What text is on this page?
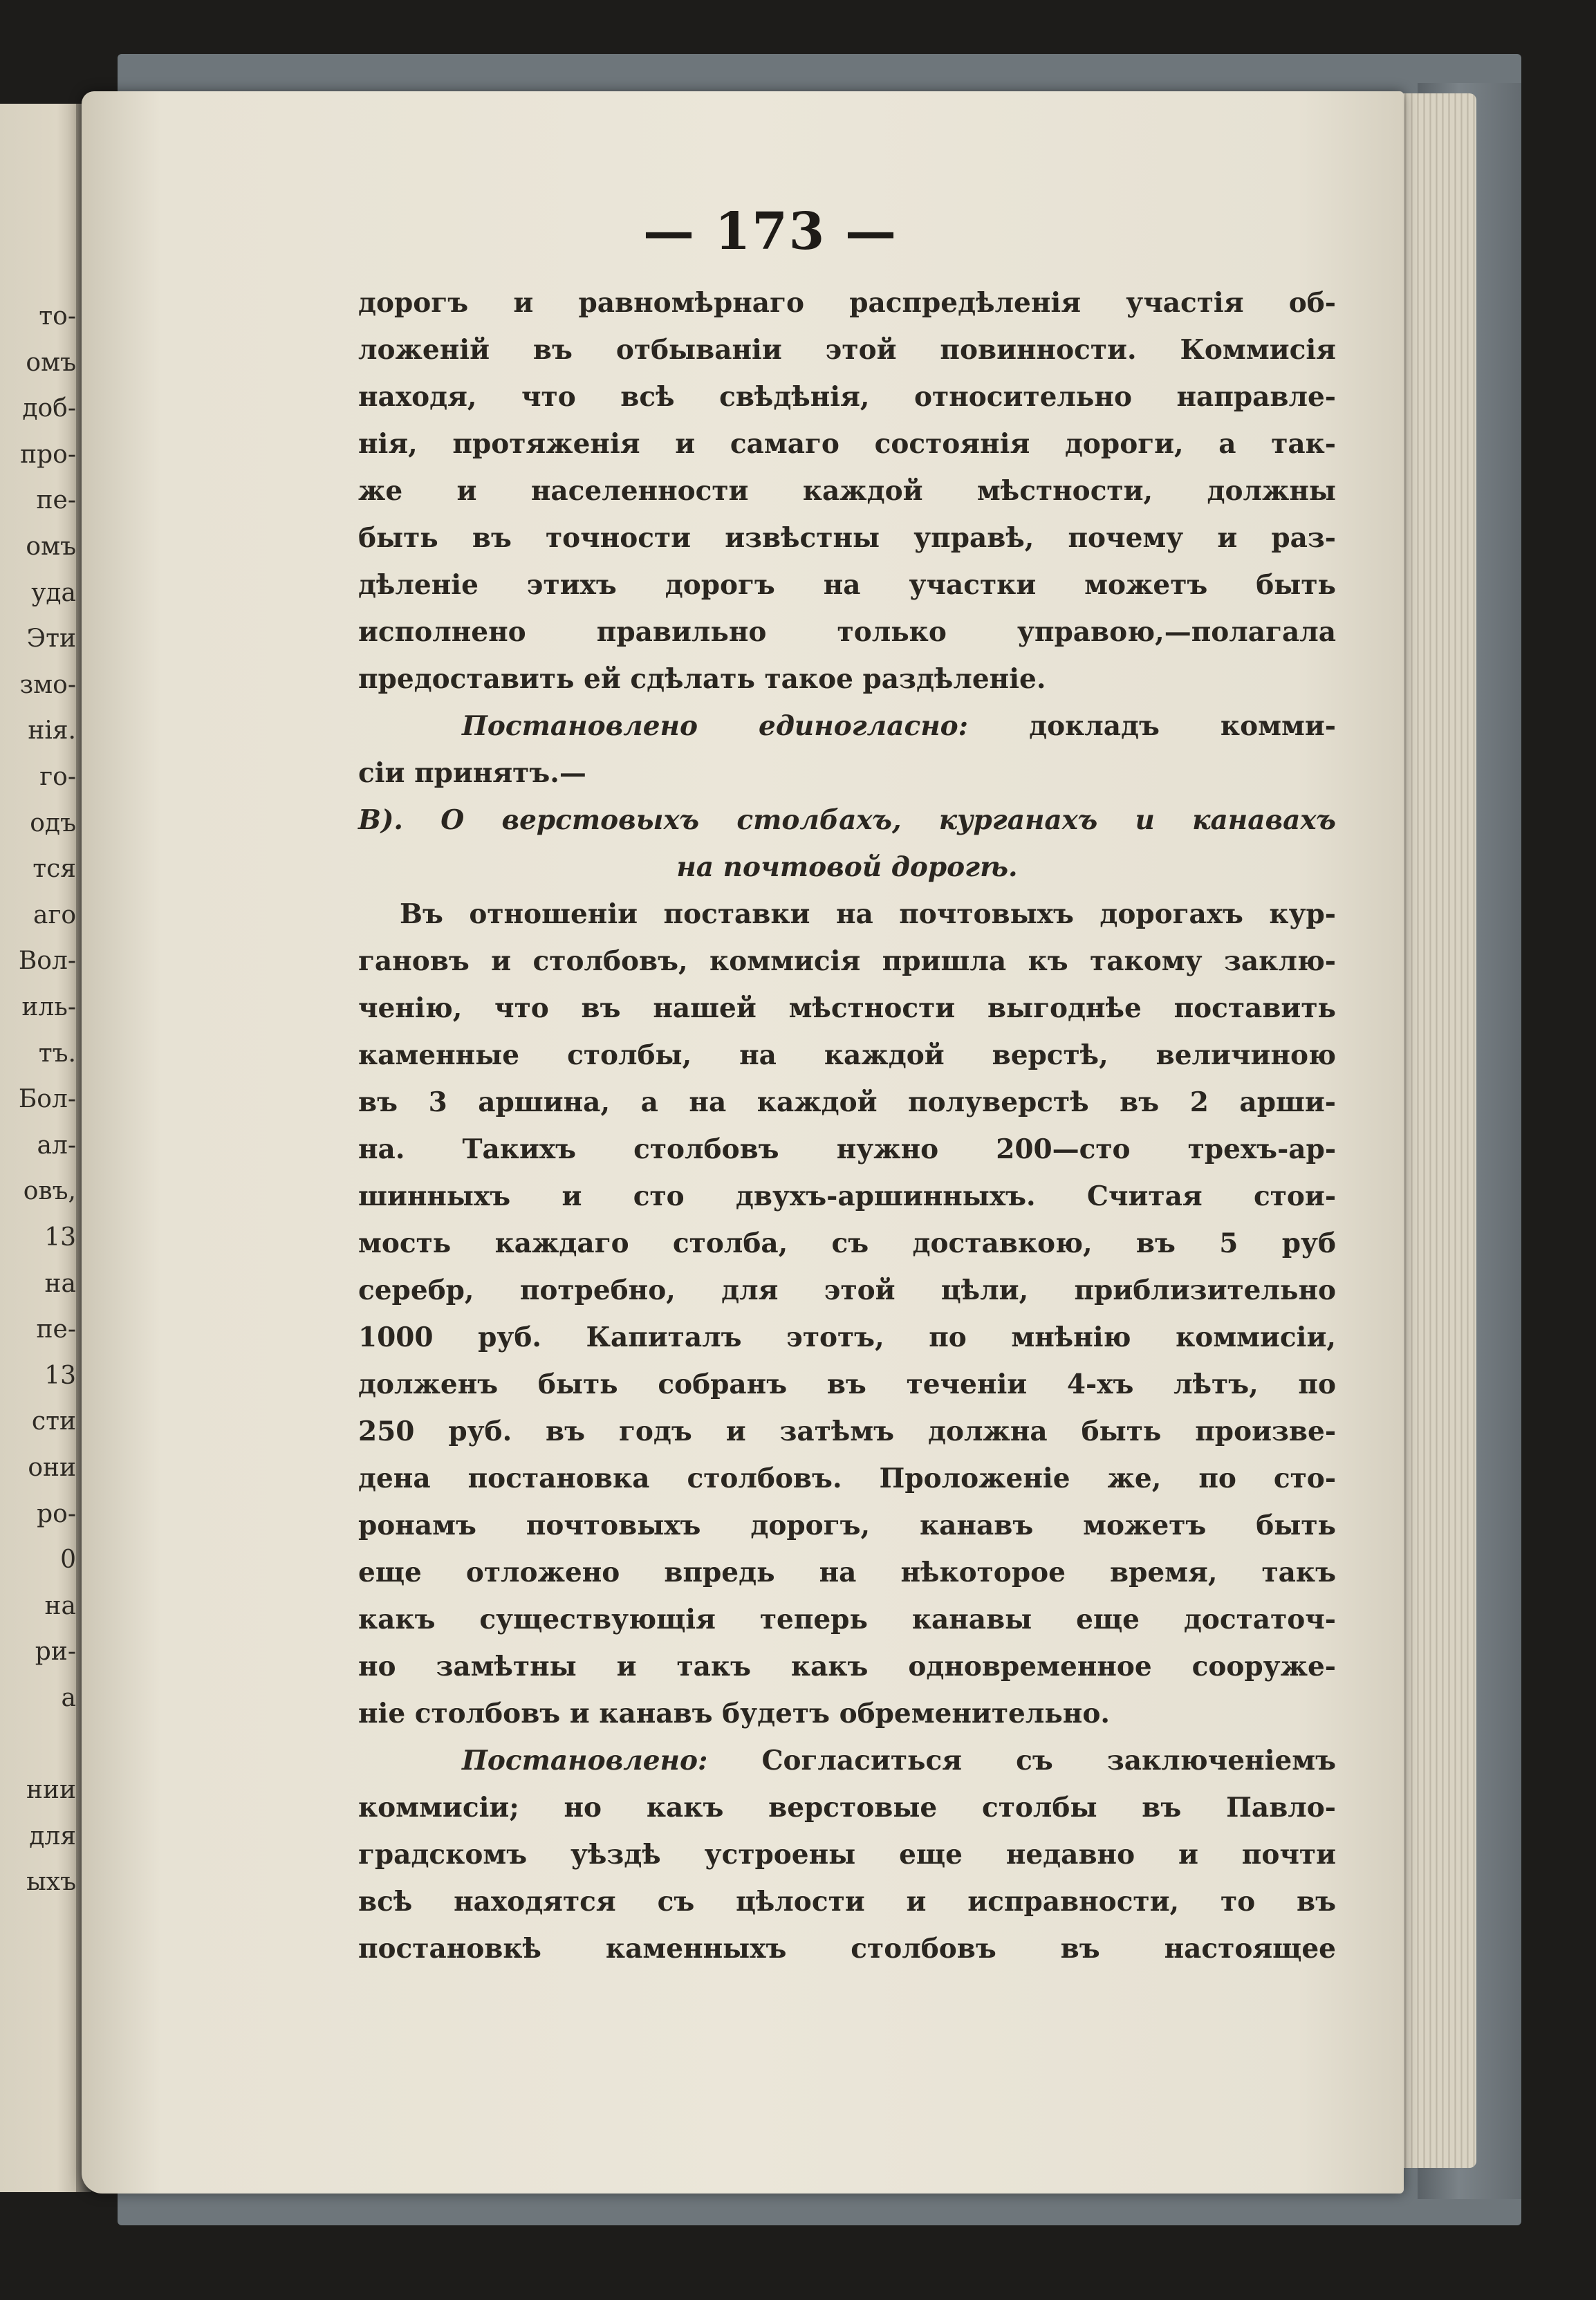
то-
омъ
доб-
про-
пе-
омъ
уда
Эти
змо-
нія.
го-
одъ
тся
аго
Вол-
иль-
тъ.
Бол-
ал-
овъ,
13
на
пе-
13
сти
они
ро-
0
на
ри-
а
нии
для
ыхъ
— 173 —
дорогъ и равномѣрнаго распредѣленія участія об-
ложеній въ отбываніи этой повинности. Коммисія
находя, что всѣ свѣдѣнія, относительно направле-
нія, протяженія и самаго состоянія дороги, а так-
же и населенности каждой мѣстности, должны
быть въ точности извѣстны управѣ, почему и раз-
дѣленіе этихъ дорогъ на участки можетъ быть
исполнено правильно только управою,—полагала
предоставить ей сдѣлать такое раздѣленіе.
Постановлено единогласно: докладъ комми-
сіи принятъ.—
В). О верстовыхъ столбахъ, курганахъ и канавахъ
на почтовой дорогѣ.
Въ отношеніи поставки на почтовыхъ дорогахъ кур-
гановъ и столбовъ, коммисія пришла къ такому заклю-
ченію, что въ нашей мѣстности выгоднѣе поставить
каменные столбы, на каждой верстѣ, величиною
въ 3 аршина, а на каждой полуверстѣ въ 2 арши-
на. Такихъ столбовъ нужно 200—сто трехъ-ар-
шинныхъ и сто двухъ-аршинныхъ. Считая стои-
мость каждаго столба, съ доставкою, въ 5 руб
серебр, потребно, для этой цѣли, приблизительно
1000 руб. Капиталъ этотъ, по мнѣнію коммисіи,
долженъ быть собранъ въ теченіи 4-хъ лѣтъ, по
250 руб. въ годъ и затѣмъ должна быть произве-
дена постановка столбовъ. Проложеніе же, по сто-
ронамъ почтовыхъ дорогъ, канавъ можетъ быть
еще отложено впредь на нѣкоторое время, такъ
какъ существующія теперь канавы еще достаточ-
но замѣтны и такъ какъ одновременное сооруже-
ніе столбовъ и канавъ будетъ обременительно.
Постановлено: Согласиться съ заключеніемъ
коммисіи; но какъ верстовые столбы въ Павло-
градскомъ уѣздѣ устроены еще недавно и почти
всѣ находятся съ цѣлости и исправности, то въ
постановкѣ каменныхъ столбовъ въ настоящее
